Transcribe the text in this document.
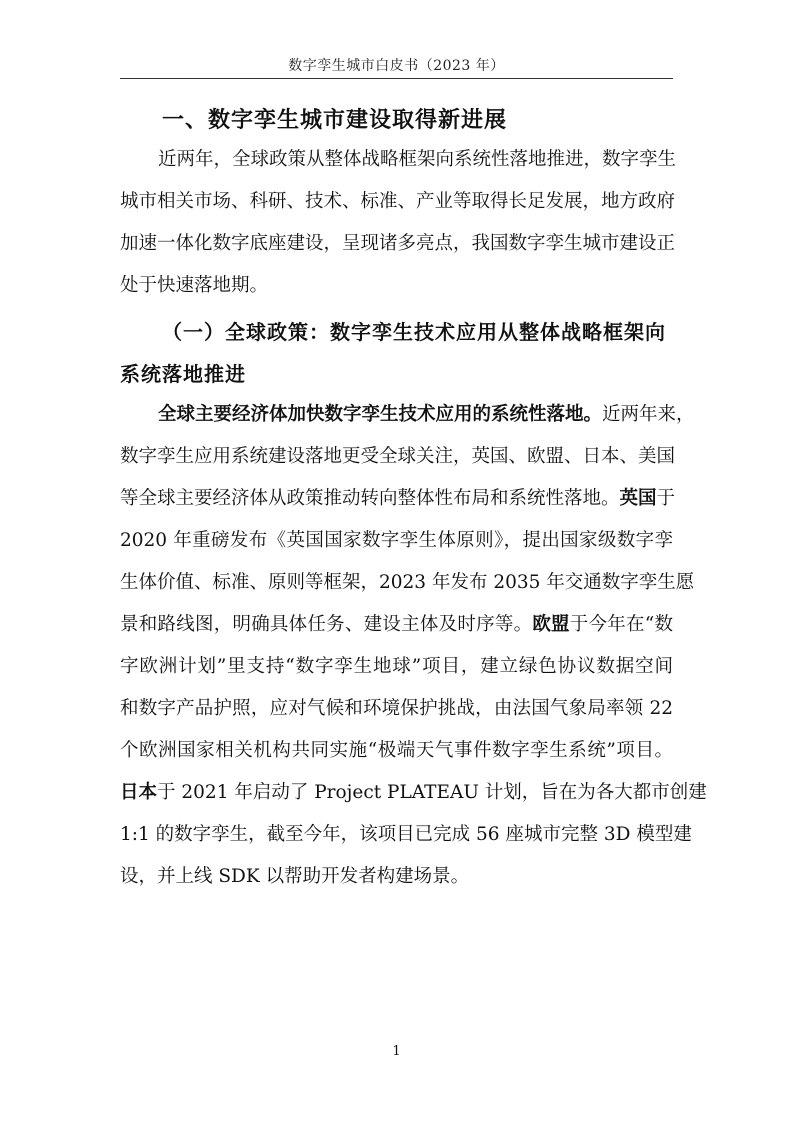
数字孪生城市白皮书（2023 年）
一、数字孪生城市建设取得新进展
近两年，全球政策从整体战略框架向系统性落地推进，数字孪生
城市相关市场、科研、技术、标准、产业等取得长足发展，地方政府
加速一体化数字底座建设，呈现诸多亮点，我国数字孪生城市建设正
处于快速落地期。
（一）全球政策：数字孪生技术应用从整体战略框架向
系统落地推进
全球主要经济体加快数字孪生技术应用的系统性落地。近两年来，
数字孪生应用系统建设落地更受全球关注，英国、欧盟、日本、美国
等全球主要经济体从政策推动转向整体性布局和系统性落地。英国于
2020 年重磅发布《英国国家数字孪生体原则》，提出国家级数字孪
生体价值、标准、原则等框架，2023 年发布 2035 年交通数字孪生愿
景和路线图，明确具体任务、建设主体及时序等。欧盟于今年在“数
字欧洲计划”里支持“数字孪生地球”项目，建立绿色协议数据空间
和数字产品护照，应对气候和环境保护挑战，由法国气象局率领 22
个欧洲国家相关机构共同实施“极端天气事件数字孪生系统”项目。
日本于 2021 年启动了 Project PLATEAU 计划，旨在为各大都市创建
1:1 的数字孪生，截至今年，该项目已完成 56 座城市完整 3D 模型建
设，并上线 SDK 以帮助开发者构建场景。
1
